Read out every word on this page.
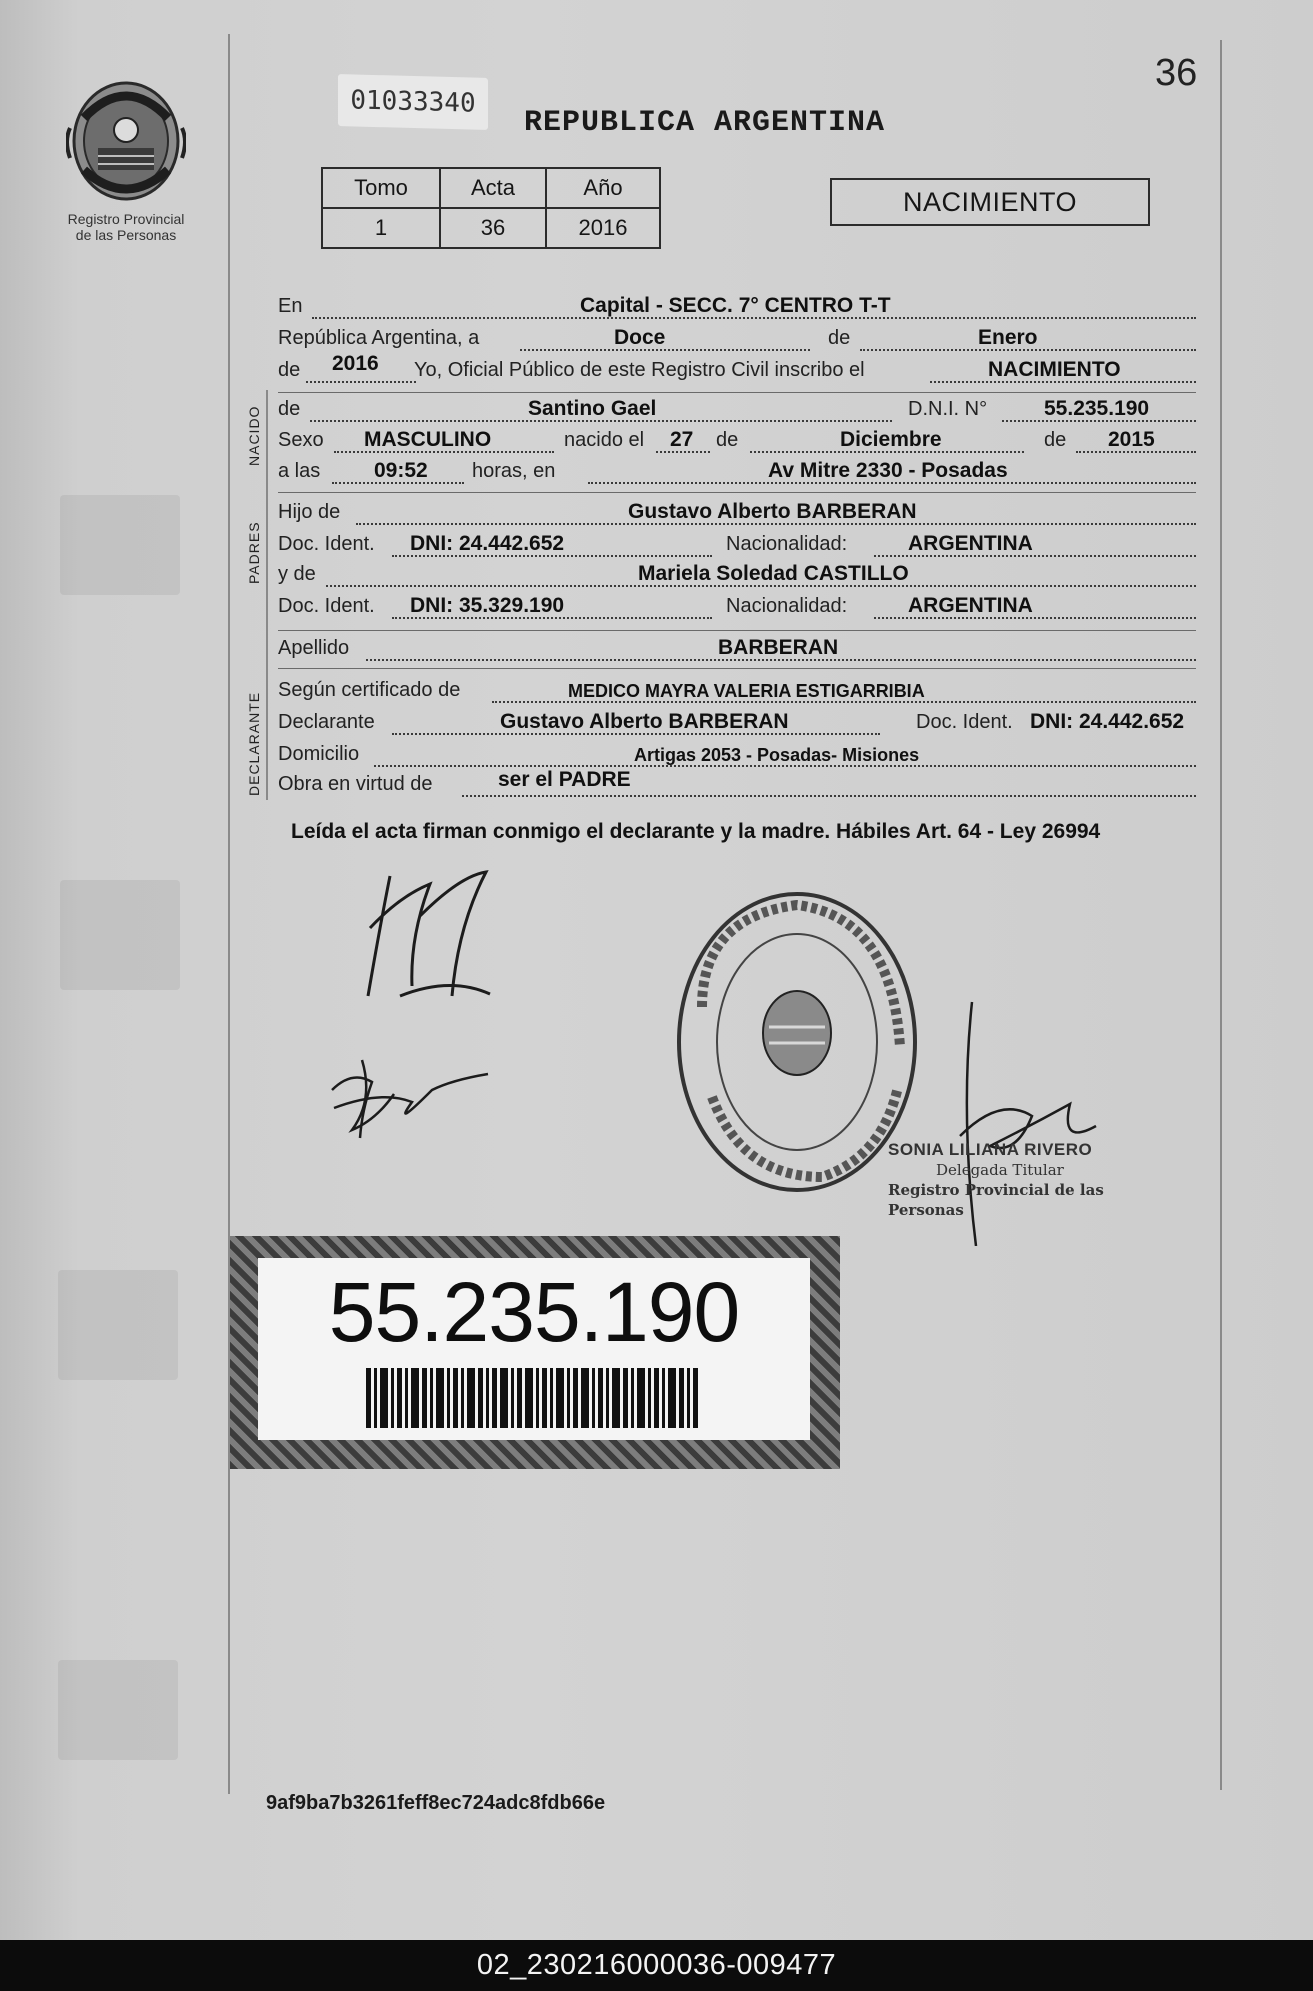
Registro Provincial
de las Personas
36
01033340
REPUBLICA ARGENTINA
Tomo	Acta	Año
1	36	2016
NACIMIENTO
En	Capital - SECC. 7° CENTRO T-T
República Argentina, a	Doce	de	Enero
de 2016 Yo, Oficial Público de este Registro Civil inscribo el	NACIMIENTO
NACIDO de	Santino Gael	D.N.I. N°	55.235.190
Sexo MASCULINO	nacido el 27 de	Diciembre	de 2015
a las	09:52 horas, en	Av Mitre 2330 - Posadas
PADRES
Hijo de	Gustavo Alberto BARBERAN
Doc. Ident. DNI: 24.442.652	Nacionalidad:	ARGENTINA
y de	Mariela Soledad CASTILLO
Doc. Ident. DNI: 35.329.190	Nacionalidad:	ARGENTINA
Apellido	BARBERAN
DECLARANTE
Según certificado de	MEDICO MAYRA VALERIA ESTIGARRIBIA
Declarante	Gustavo Alberto BARBERAN	Doc. Ident. DNI: 24.442.652
Domicilio	Artigas 2053 - Posadas- Misiones
Obra en virtud de	ser el PADRE
Leída el acta firman conmigo el declarante y la madre. Hábiles Art. 64 - Ley 26994
SONIA LILIANA RIVERO
Delegada Titular
Registro Provincial de las Personas
55.235.190
9af9ba7b3261feff8ec724adc8fdb66e
02_230216000036-009477
